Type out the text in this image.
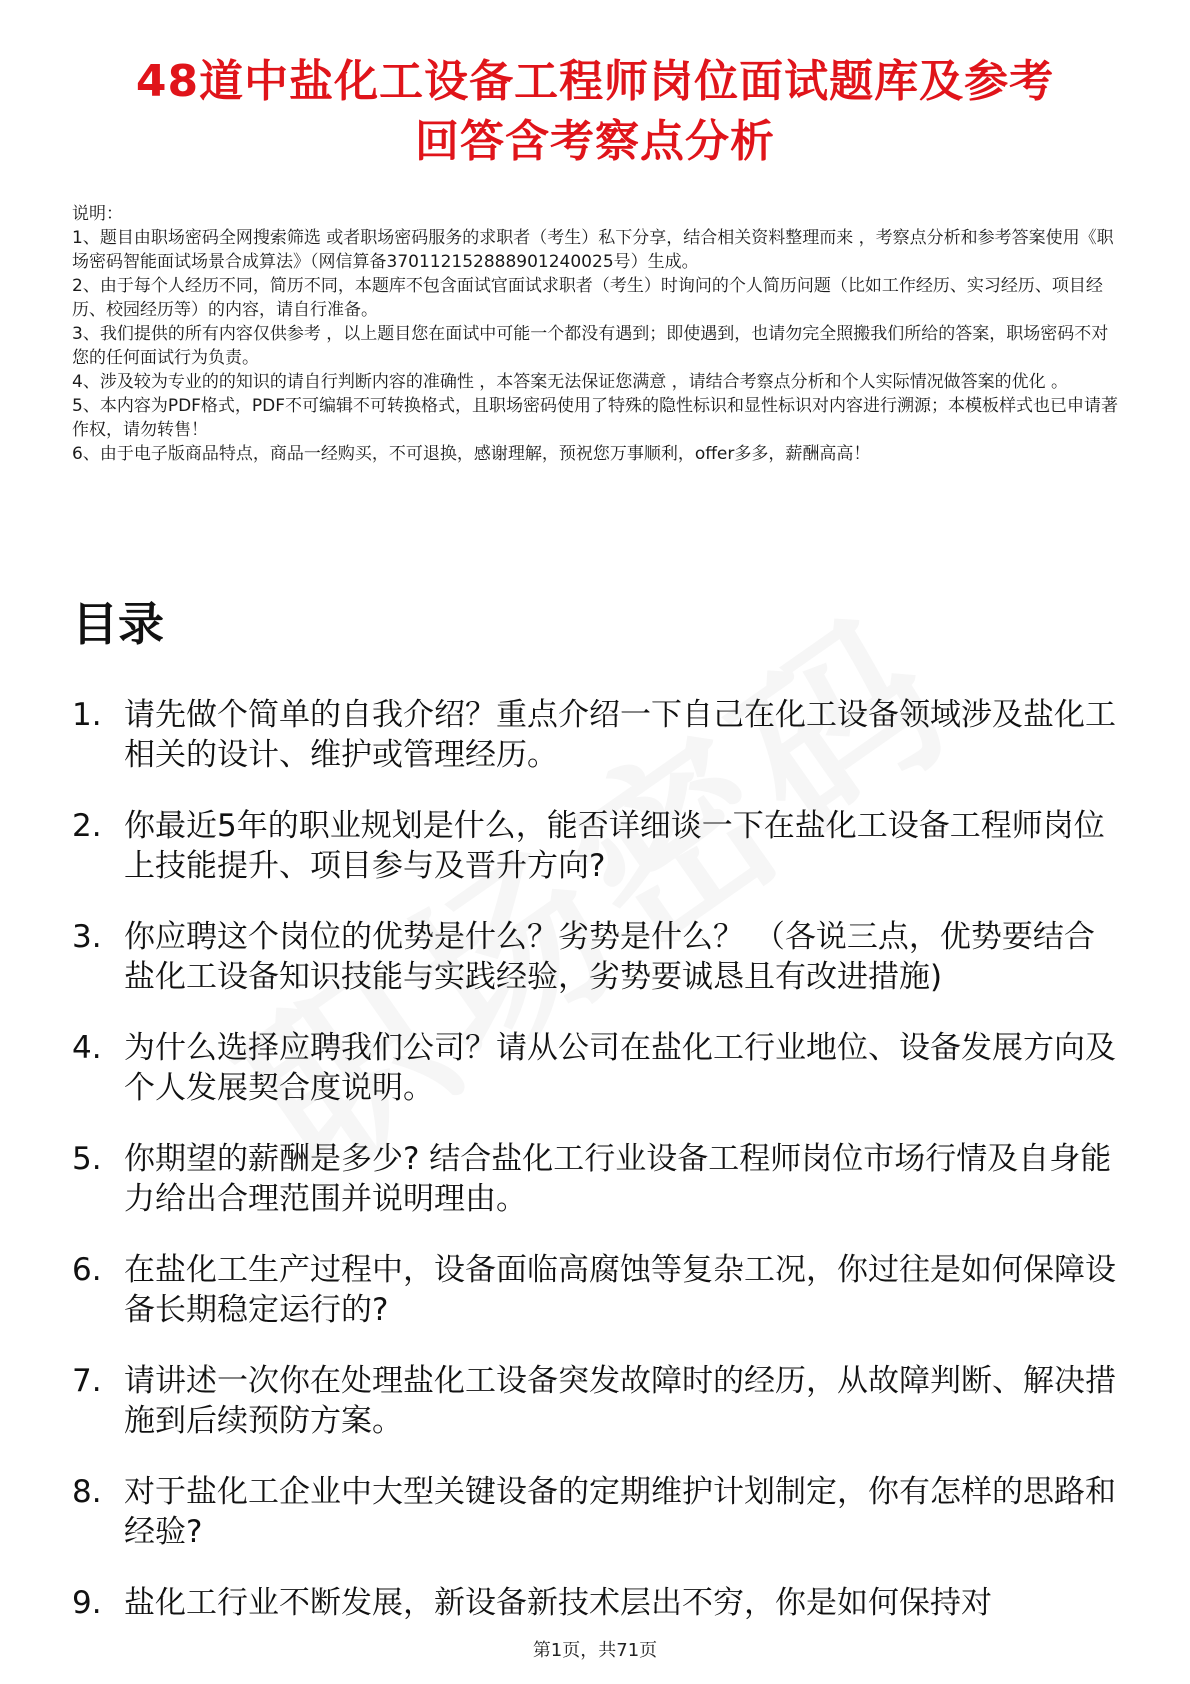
48道中盐化工设备工程师岗位面试题库及参考
回答含考察点分析

说明：

1、题目由职场密码全网搜索筛选 或者职场密码服务的求职者（考生）私下分享，结合相关资料整理而来 ，考察点分析和参考答案使用《职场密码智能面试场景合成算法》（网信算备370112152888901240025号）生成。

2、由于每个人经历不同，简历不同，本题库不包含面试官面试求职者（考生）时询问的个人简历问题（比如工作经历、实习经历、项目经历、校园经历等）的内容，请自行准备。

3、我们提供的所有内容仅供参考 ，以上题目您在面试中可能一个都没有遇到；即使遇到，也请勿完全照搬我们所给的答案，职场密码不对您的任何面试行为负责。

4、涉及较为专业的的知识的请自行判断内容的准确性 ，本答案无法保证您满意 ，请结合考察点分析和个人实际情况做答案的优化 。

5、本内容为PDF格式，PDF不可编辑不可转换格式，且职场密码使用了特殊的隐性标识和显性标识对内容进行溯源；本模板样式也已申请著作权，请勿转售！

6、由于电子版商品特点，商品一经购买，不可退换，感谢理解，预祝您万事顺利，offer多多，薪酬高高！

目录
1. 请先做个简单的自我介绍？重点介绍一下自己在化工设备领域涉及盐化工相关的设计、维护或管理经历。
2. 你最近5年的职业规划是什么，能否详细谈一下在盐化工设备工程师岗位上技能提升、项目参与及晋升方向?
3. 你应聘这个岗位的优势是什么？劣势是什么？ （各说三点，优势要结合盐化工设备知识技能与实践经验，劣势要诚恳且有改进措施)
4. 为什么选择应聘我们公司？请从公司在盐化工行业地位、设备发展方向及个人发展契合度说明。
5. 你期望的薪酬是多少? 结合盐化工行业设备工程师岗位市场行情及自身能力给出合理范围并说明理由。
6. 在盐化工生产过程中，设备面临高腐蚀等复杂工况，你过往是如何保障设备长期稳定运行的?
7. 请讲述一次你在处理盐化工设备突发故障时的经历，从故障判断、解决措施到后续预防方案。
8. 对于盐化工企业中大型关键设备的定期维护计划制定，你有怎样的思路和经验?
9. 盐化工行业不断发展，新设备新技术层出不穷，你是如何保持对
第1页，共71页
